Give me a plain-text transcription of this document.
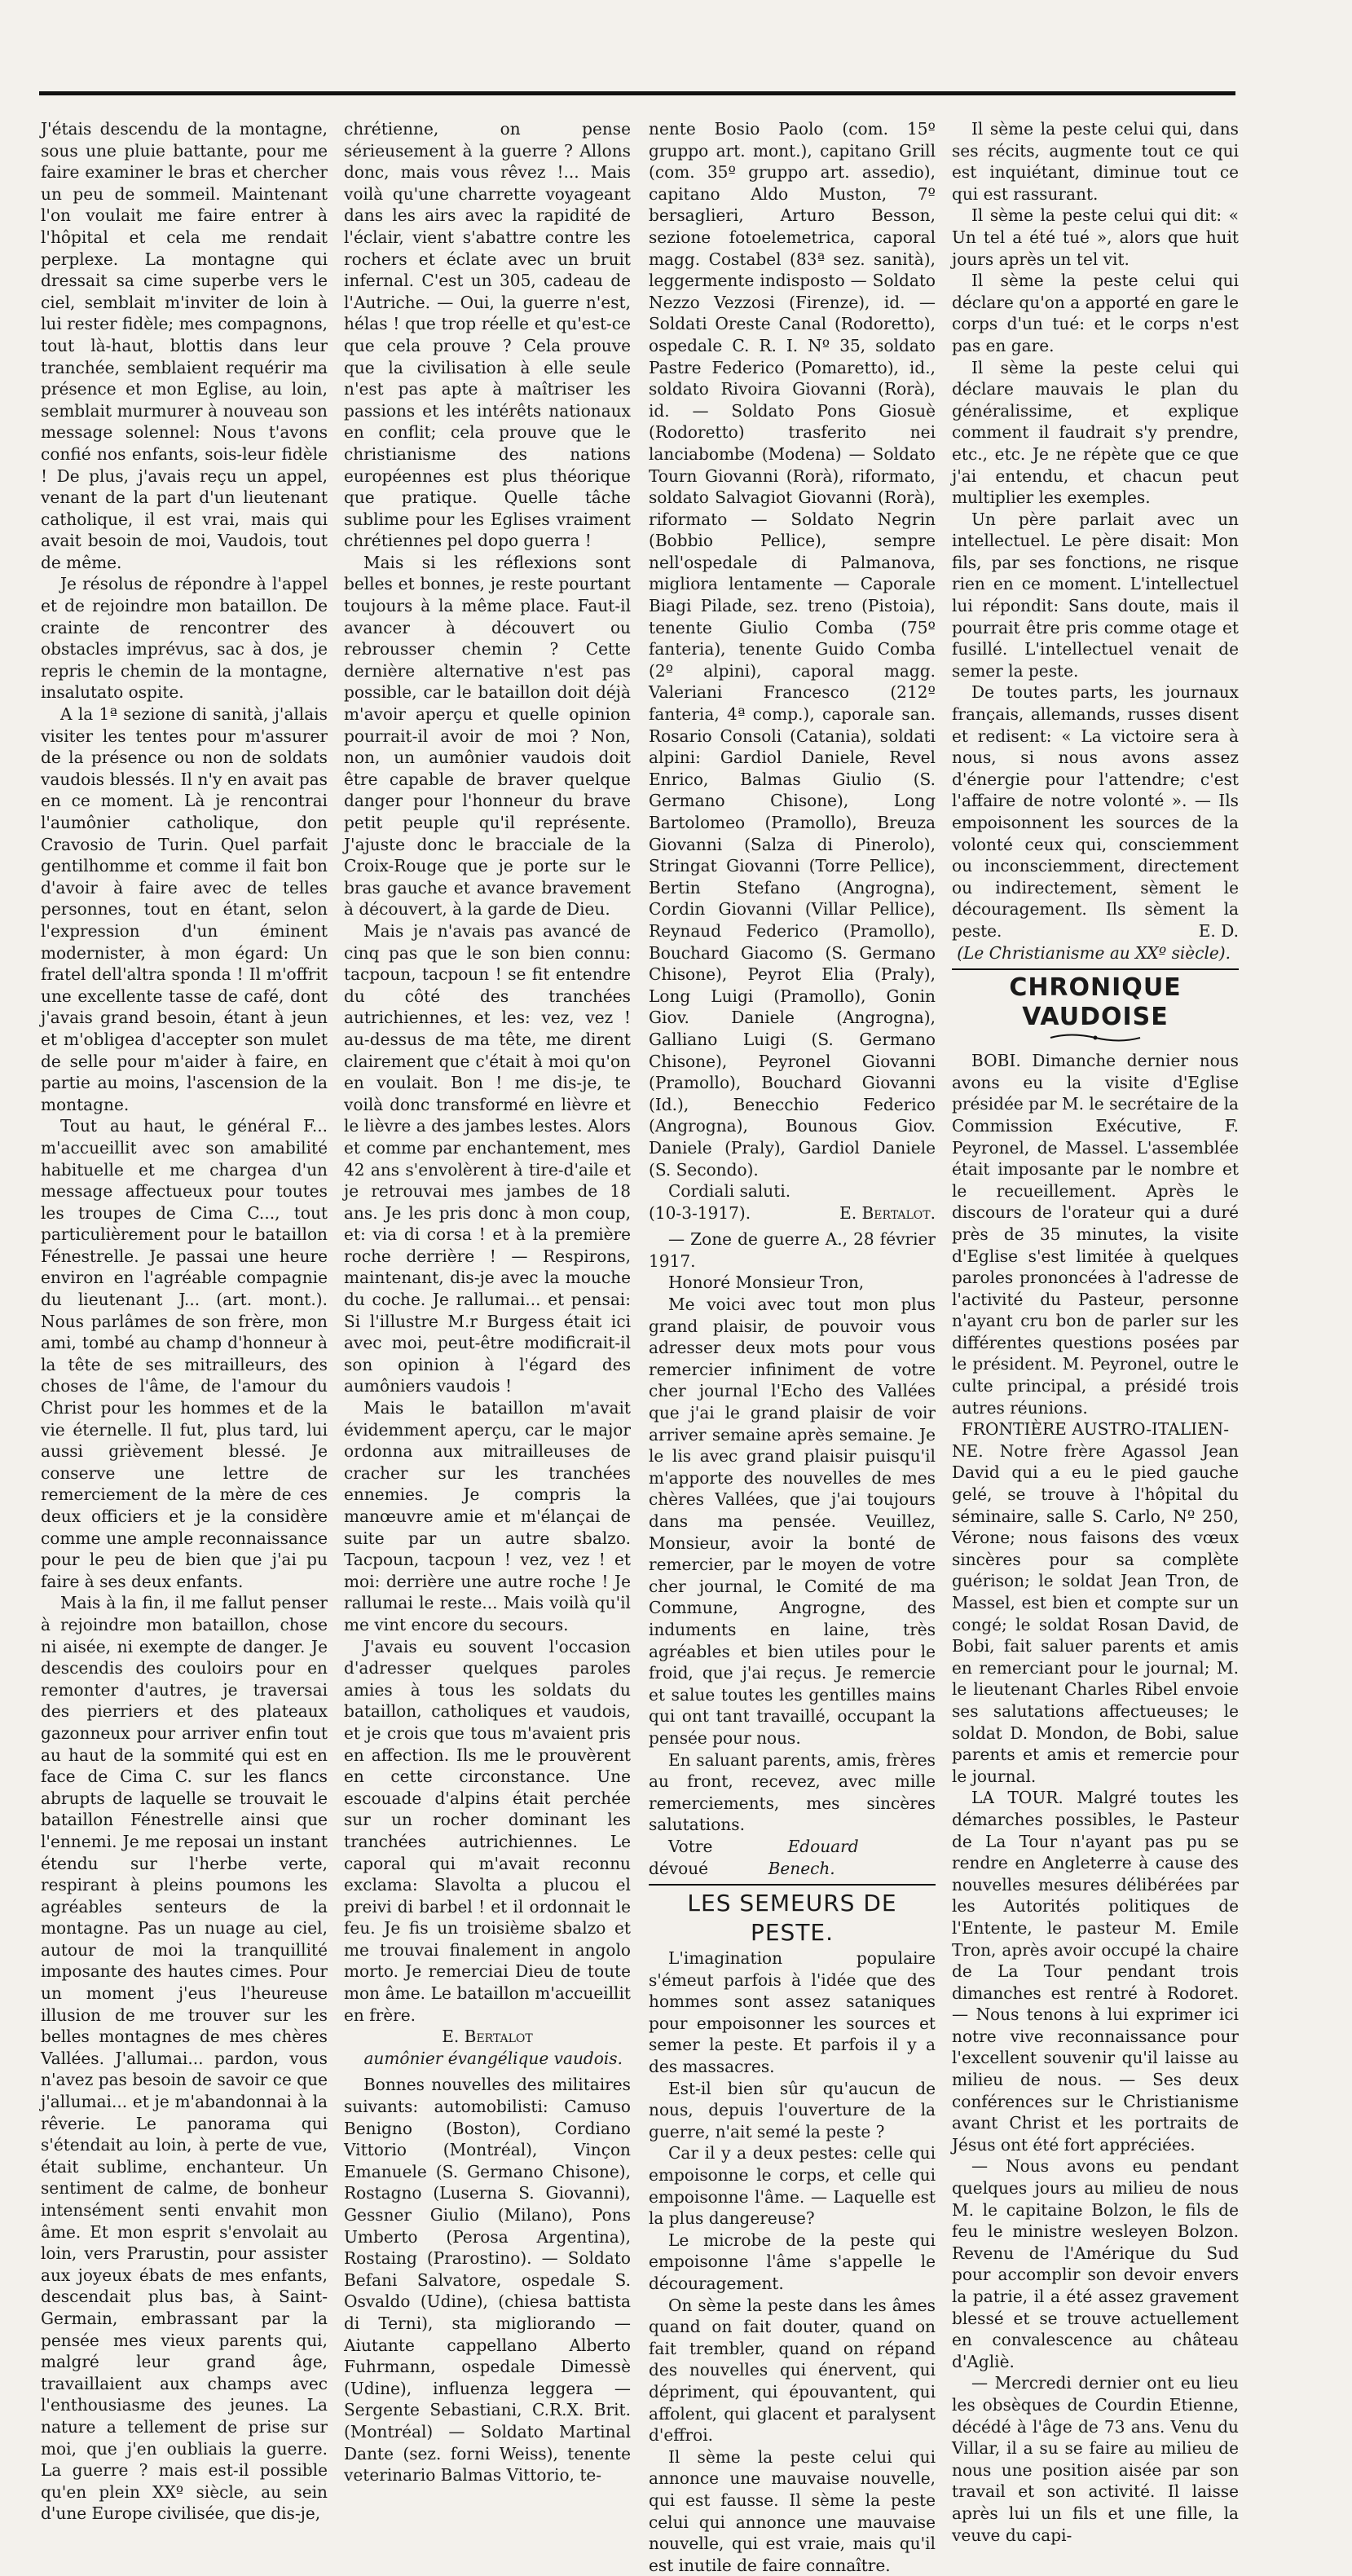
J'étais descendu de la montagne, sous une pluie battante, pour me faire examiner le bras et chercher un peu de sommeil. Maintenant l'on voulait me faire entrer à l'hôpital et cela me rendait perplexe. La montagne qui dressait sa cime superbe vers le ciel, semblait m'inviter de loin à lui rester fidèle; mes compagnons, tout là-haut, blottis dans leur tranchée, semblaient requérir ma présence et mon Eglise, au loin, semblait murmurer à nouveau son message solennel: Nous t'avons confié nos enfants, sois-leur fidèle ! De plus, j'avais reçu un appel, venant de la part d'un lieutenant catholique, il est vrai, mais qui avait besoin de moi, Vaudois, tout de même.

Je résolus de répondre à l'appel et de rejoindre mon bataillon. De crainte de rencontrer des obstacles imprévus, sac à dos, je repris le chemin de la montagne, insalutato ospite.

A la 1ª sezione di sanità, j'allais visiter les tentes pour m'assurer de la présence ou non de soldats vaudois blessés. Il n'y en avait pas en ce moment. Là je rencontrai l'aumônier catholique, don Cravosio de Turin. Quel parfait gentilhomme et comme il fait bon d'avoir à faire avec de telles personnes, tout en étant, selon l'expression d'un éminent modernister, à mon égard: Un fratel dell'altra sponda ! Il m'offrit une excellente tasse de café, dont j'avais grand besoin, étant à jeun et m'obligea d'accepter son mulet de selle pour m'aider à faire, en partie au moins, l'ascension de la montagne.

Tout au haut, le général F... m'accueillit avec son amabilité habituelle et me chargea d'un message affectueux pour toutes les troupes de Cima C..., tout particulièrement pour le bataillon Fénestrelle. Je passai une heure environ en l'agréable compagnie du lieutenant J... (art. mont.). Nous parlâmes de son frère, mon ami, tombé au champ d'honneur à la tête de ses mitrailleurs, des choses de l'âme, de l'amour du Christ pour les hommes et de la vie éternelle. Il fut, plus tard, lui aussi grièvement blessé. Je conserve une lettre de remerciement de la mère de ces deux officiers et je la considère comme une ample reconnaissance pour le peu de bien que j'ai pu faire à ses deux enfants.

Mais à la fin, il me fallut penser à rejoindre mon bataillon, chose ni aisée, ni exempte de danger. Je descendis des couloirs pour en remonter d'autres, je traversai des pierriers et des plateaux gazonneux pour arriver enfin tout au haut de la sommité qui est en face de Cima C. sur les flancs abrupts de laquelle se trouvait le bataillon Fénestrelle ainsi que l'ennemi. Je me reposai un instant étendu sur l'herbe verte, respirant à pleins poumons les agréables senteurs de la montagne. Pas un nuage au ciel, autour de moi la tranquillité imposante des hautes cimes. Pour un moment j'eus l'heureuse illusion de me trouver sur les belles montagnes de mes chères Vallées. J'allumai... pardon, vous n'avez pas besoin de savoir ce que j'allumai... et je m'abandonnai à la rêverie. Le panorama qui s'étendait au loin, à perte de vue, était sublime, enchanteur. Un sentiment de calme, de bonheur intensément senti envahit mon âme. Et mon esprit s'envolait au loin, vers Prarustin, pour assister aux joyeux ébats de mes enfants, descendait plus bas, à Saint-Germain, embrassant par la pensée mes vieux parents qui, malgré leur grand âge, travaillaient aux champs avec l'enthousiasme des jeunes. La nature a tellement de prise sur moi, que j'en oubliais la guerre. La guerre ? mais est-il possible qu'en plein XXº siècle, au sein d'une Europe civilisée, que dis-je,

chrétienne, on pense sérieusement à la guerre ? Allons donc, mais vous rêvez !... Mais voilà qu'une charrette voyageant dans les airs avec la rapidité de l'éclair, vient s'abattre contre les rochers et éclate avec un bruit infernal. C'est un 305, cadeau de l'Autriche. — Oui, la guerre n'est, hélas ! que trop réelle et qu'est-ce que cela prouve ? Cela prouve que la civilisation à elle seule n'est pas apte à maîtriser les passions et les intérêts nationaux en conflit; cela prouve que le christianisme des nations européennes est plus théorique que pratique. Quelle tâche sublime pour les Eglises vraiment chrétiennes pel dopo guerra !

Mais si les réflexions sont belles et bonnes, je reste pourtant toujours à la même place. Faut-il avancer à découvert ou rebrousser chemin ? Cette dernière alternative n'est pas possible, car le bataillon doit déjà m'avoir aperçu et quelle opinion pourrait-il avoir de moi ? Non, non, un aumônier vaudois doit être capable de braver quelque danger pour l'honneur du brave petit peuple qu'il représente. J'ajuste donc le bracciale de la Croix-Rouge que je porte sur le bras gauche et avance bravement à découvert, à la garde de Dieu.

Mais je n'avais pas avancé de cinq pas que le son bien connu: tacpoun, tacpoun ! se fit entendre du côté des tranchées autrichiennes, et les: vez, vez ! au-dessus de ma tête, me dirent clairement que c'était à moi qu'on en voulait. Bon ! me dis-je, te voilà donc transformé en lièvre et le lièvre a des jambes lestes. Alors et comme par enchantement, mes 42 ans s'envolèrent à tire-d'aile et je retrouvai mes jambes de 18 ans. Je les pris donc à mon coup, et: via di corsa ! et à la première roche derrière ! — Respirons, maintenant, dis-je avec la mouche du coche. Je rallumai... et pensai: Si l'illustre M.r Burgess était ici avec moi, peut-être modificrait-il son opinion à l'égard des aumôniers vaudois !

Mais le bataillon m'avait évidemment aperçu, car le major ordonna aux mitrailleuses de cracher sur les tranchées ennemies. Je compris la manœuvre amie et m'élançai de suite par un autre sbalzo. Tacpoun, tacpoun ! vez, vez ! et moi: derrière une autre roche ! Je rallumai le reste... Mais voilà qu'il me vint encore du secours.

J'avais eu souvent l'occasion d'adresser quelques paroles amies à tous les soldats du bataillon, catholiques et vaudois, et je crois que tous m'avaient pris en affection. Ils me le prouvèrent en cette circonstance. Une escouade d'alpins était perchée sur un rocher dominant les tranchées autrichiennes. Le caporal qui m'avait reconnu exclama: Slavolta a plucou el preivi di barbel ! et il ordonnait le feu. Je fis un troisième sbalzo et me trouvai finalement in angolo morto. Je remerciai Dieu de toute mon âme. Le bataillon m'accueillit en frère.

E. Bertalot

aumônier évangélique vaudois.

Bonnes nouvelles des militaires suivants: automobilisti: Camuso Benigno (Boston), Cordiano Vittorio (Montréal), Vinçon Emanuele (S. Germano Chisone), Rostagno (Luserna S. Giovanni), Gessner Giulio (Milano), Pons Umberto (Perosa Argentina), Rostaing (Prarostino). — Soldato Befani Salvatore, ospedale S. Osvaldo (Udine), (chiesa battista di Terni), sta migliorando — Aiutante cappellano Alberto Fuhrmann, ospedale Dimessè (Udine), influenza leggera — Sergente Sebastiani, C.R.X. Brit. (Montréal) — Soldato Martinal Dante (sez. forni Weiss), tenente veterinario Balmas Vittorio, te-

nente Bosio Paolo (com. 15º gruppo art. mont.), capitano Grill (com. 35º gruppo art. assedio), capitano Aldo Muston, 7º bersaglieri, Arturo Besson, sezione fotoelemetrica, caporal magg. Costabel (83ª sez. sanità), leggermente indisposto — Soldato Nezzo Vezzosi (Firenze), id. — Soldati Oreste Canal (Rodoretto), ospedale C. R. I. Nº 35, soldato Pastre Federico (Pomaretto), id., soldato Rivoira Giovanni (Rorà), id. — Soldato Pons Giosuè (Rodoretto) trasferito nei lanciabombe (Modena) — Soldato Tourn Giovanni (Rorà), riformato, soldato Salvagiot Giovanni (Rorà), riformato — Soldato Negrin (Bobbio Pellice), sempre nell'ospedale di Palmanova, migliora lentamente — Caporale Biagi Pilade, sez. treno (Pistoia), tenente Giulio Comba (75º fanteria), tenente Guido Comba (2º alpini), caporal magg. Valeriani Francesco (212º fanteria, 4ª comp.), caporale san. Rosario Consoli (Catania), soldati alpini: Gardiol Daniele, Revel Enrico, Balmas Giulio (S. Germano Chisone), Long Bartolomeo (Pramollo), Breuza Giovanni (Salza di Pinerolo), Stringat Giovanni (Torre Pellice), Bertin Stefano (Angrogna), Cordin Giovanni (Villar Pellice), Reynaud Federico (Pramollo), Bouchard Giacomo (S. Germano Chisone), Peyrot Elia (Praly), Long Luigi (Pramollo), Gonin Giov. Daniele (Angrogna), Galliano Luigi (S. Germano Chisone), Peyronel Giovanni (Pramollo), Bouchard Giovanni (Id.), Benecchio Federico (Angrogna), Bounous Giov. Daniele (Praly), Gardiol Daniele (S. Secondo).

Cordiali saluti.

(10-3-1917).	E. Bertalot.

— Zone de guerre A., 28 février 1917.

Honoré Monsieur Tron,

Me voici avec tout mon plus grand plaisir, de pouvoir vous adresser deux mots pour vous remercier infiniment de votre cher journal l'Echo des Vallées que j'ai le grand plaisir de voir arriver semaine après semaine. Je le lis avec grand plaisir puisqu'il m'apporte des nouvelles de mes chères Vallées, que j'ai toujours dans ma pensée. Veuillez, Monsieur, avoir la bonté de remercier, par le moyen de votre cher journal, le Comité de ma Commune, Angrogne, des induments en laine, très agréables et bien utiles pour le froid, que j'ai reçus. Je remercie et salue toutes les gentilles mains qui ont tant travaillé, occupant la pensée pour nous.

En saluant parents, amis, frères au front, recevez, avec mille remerciements, mes sincères salutations.

Votre dévoué
Edouard Benech.

LES SEMEURS DE PESTE.

L'imagination populaire s'émeut parfois à l'idée que des hommes sont assez sataniques pour empoisonner les sources et semer la peste. Et parfois il y a des massacres.

Est-il bien sûr qu'aucun de nous, depuis l'ouverture de la guerre, n'ait semé la peste ?

Car il y a deux pestes: celle qui empoisonne le corps, et celle qui empoisonne l'âme. — Laquelle est la plus dangereuse?

Le microbe de la peste qui empoisonne l'âme s'appelle le découragement.

On sème la peste dans les âmes quand on fait douter, quand on fait trembler, quand on répand des nouvelles qui énervent, qui dépriment, qui épouvantent, qui affolent, qui glacent et paralysent d'effroi.

Il sème la peste celui qui annonce une mauvaise nouvelle, qui est fausse. Il sème la peste celui qui annonce une mauvaise nouvelle, qui est vraie, mais qu'il est inutile de faire connaître.

Il sème la peste celui qui, dans ses récits, augmente tout ce qui est inquiétant, diminue tout ce qui est rassurant.

Il sème la peste celui qui dit: « Un tel a été tué », alors que huit jours après un tel vit.

Il sème la peste celui qui déclare qu'on a apporté en gare le corps d'un tué: et le corps n'est pas en gare.

Il sème la peste celui qui déclare mauvais le plan du généralissime, et explique comment il faudrait s'y prendre, etc., etc. Je ne répète que ce que j'ai entendu, et chacun peut multiplier les exemples.

Un père parlait avec un intellectuel. Le père disait: Mon fils, par ses fonctions, ne risque rien en ce moment. L'intellectuel lui répondit: Sans doute, mais il pourrait être pris comme otage et fusillé. L'intellectuel venait de semer la peste.

De toutes parts, les journaux français, allemands, russes disent et redisent: « La victoire sera à nous, si nous avons assez d'énergie pour l'attendre; c'est l'affaire de notre volonté ». — Ils empoisonnent les sources de la volonté ceux qui, consciemment ou inconsciemment, directement ou indirectement, sèment le découragement. Ils sèment la peste.	E. D.

(Le Christianisme au XXº siècle).

CHRONIQUE VAUDOISE

BOBI. Dimanche dernier nous avons eu la visite d'Eglise présidée par M. le secrétaire de la Commission Exécutive, F. Peyronel, de Massel. L'assemblée était imposante par le nombre et le recueillement. Après le discours de l'orateur qui a duré près de 35 minutes, la visite d'Eglise s'est limitée à quelques paroles prononcées à l'adresse de l'activité du Pasteur, personne n'ayant cru bon de parler sur les différentes questions posées par le président. M. Peyronel, outre le culte principal, a présidé trois autres réunions.

FRONTIÈRE AUSTRO-ITALIEN-

NE. Notre frère Agassol Jean David qui a eu le pied gauche gelé, se trouve à l'hôpital du séminaire, salle S. Carlo, Nº 250, Vérone; nous faisons des vœux sincères pour sa complète guérison; le soldat Jean Tron, de Massel, est bien et compte sur un congé; le soldat Rosan David, de Bobi, fait saluer parents et amis en remerciant pour le journal; M. le lieutenant Charles Ribel envoie ses salutations affectueuses; le soldat D. Mondon, de Bobi, salue parents et amis et remercie pour le journal.

LA TOUR. Malgré toutes les démarches possibles, le Pasteur de La Tour n'ayant pas pu se rendre en Angleterre à cause des nouvelles mesures délibérées par les Autorités politiques de l'Entente, le pasteur M. Emile Tron, après avoir occupé la chaire de La Tour pendant trois dimanches est rentré à Rodoret. — Nous tenons à lui exprimer ici notre vive reconnaissance pour l'excellent souvenir qu'il laisse au milieu de nous. — Ses deux conférences sur le Christianisme avant Christ et les portraits de Jésus ont été fort appréciées.

— Nous avons eu pendant quelques jours au milieu de nous M. le capitaine Bolzon, le fils de feu le ministre wesleyen Bolzon. Revenu de l'Amérique du Sud pour accomplir son devoir envers la patrie, il a été assez gravement blessé et se trouve actuellement en convalescence au château d'Agliè.

— Mercredi dernier ont eu lieu les obsèques de Courdin Etienne, décédé à l'âge de 73 ans. Venu du Villar, il a su se faire au milieu de nous une position aisée par son travail et son activité. Il laisse après lui un fils et une fille, la veuve du capi-
